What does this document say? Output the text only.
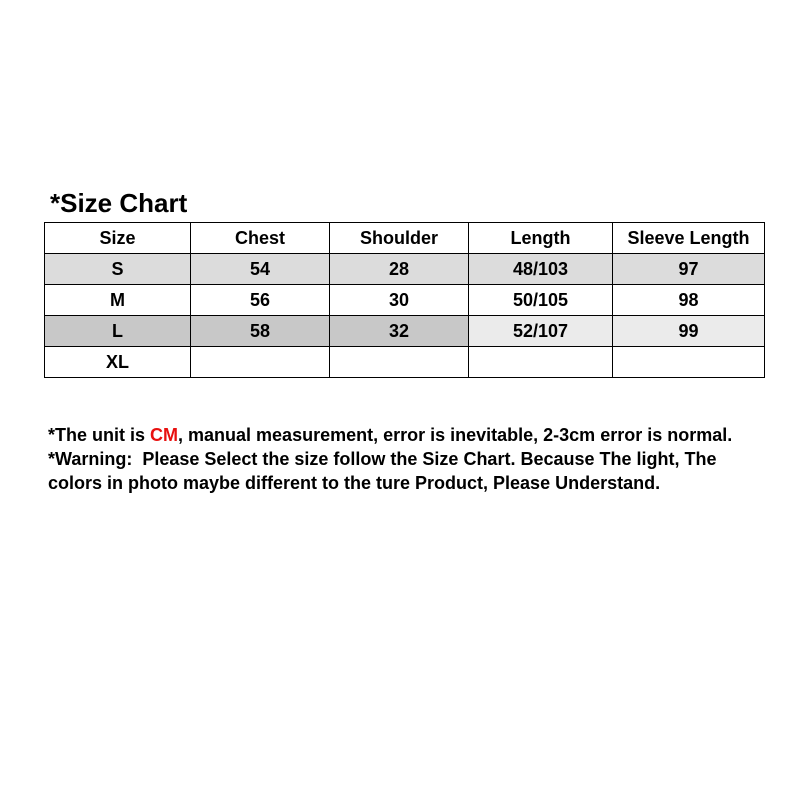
*Size Chart
Size	Chest	Shoulder	Length	Sleeve Length
S	54	28	48/103	97
M	56	30	50/105	98
L	58	32	52/107	99
XL				
*The unit is CM, manual measurement, error is inevitable, 2-3cm error is normal. *Warning:  Please Select the size follow the Size Chart. Because The light, The colors in photo maybe different to the ture Product, Please Understand.
